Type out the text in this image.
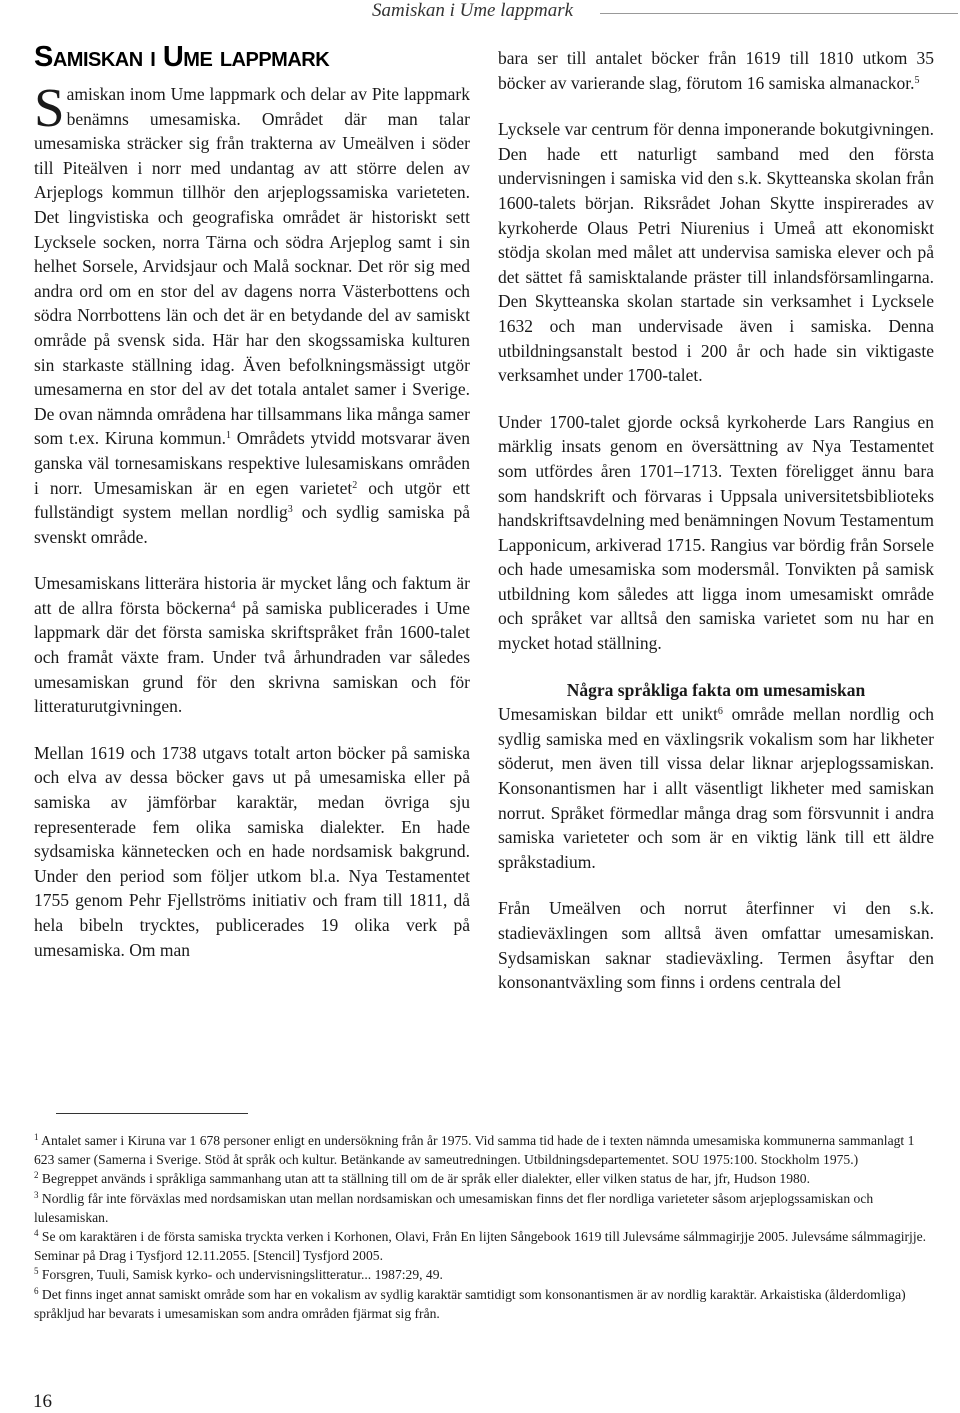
Samiskan i Ume lappmark
Samiskan i Ume lappmark

Samiskan inom Ume lappmark och delar av Pite lappmark benämns umesamiska. Området där man talar umesamiska sträcker sig från trakterna av Umeälven i söder till Piteälven i norr med undantag av att större delen av Arjeplogs kommun tillhör den arjeplogssamiska varieteten. Det lingvistiska och geografiska området är historiskt sett Lycksele socken, norra Tärna och södra Arjeplog samt i sin helhet Sorsele, Arvidsjaur och Malå socknar. Det rör sig med andra ord om en stor del av dagens norra Västerbottens och södra Norrbottens län och det är en betydande del av samiskt område på svensk sida. Här har den skogssamiska kulturen sin starkaste ställning idag. Även befolkningsmässigt utgör umesamerna en stor del av det totala antalet samer i Sverige. De ovan nämnda områdena har tillsammans lika många samer som t.ex. Kiruna kommun.$^1$ Områdets ytvidd motsvarar även ganska väl tornesamiskans respektive lulesamiskans områden i norr. Umesamiskan är en egen varietet$^2$ och utgör ett fullständigt system mellan nordlig$^3$ och sydlig samiska på svenskt område.

Umesamiskans litterära historia är mycket lång och faktum är att de allra första böckerna$^4$ på samiska publicerades i Ume lappmark där det första samiska skriftspråket från 1600-talet och framåt växte fram. Under två århundraden var således umesamiskan grund för den skrivna samiskan och för litteraturutgivningen.

Mellan 1619 och 1738 utgavs totalt arton böcker på samiska och elva av dessa böcker gavs ut på umesamiska eller på samiska av jämförbar karaktär, medan övriga sju representerade fem olika samiska dialekter. En hade sydsamiska kännetecken och en hade nordsamisk bakgrund. Under den period som följer utkom bl.a. Nya Testamentet 1755 genom Pehr Fjellströms initiativ och fram till 1811, då hela bibeln trycktes, publicerades 19 olika verk på umesamiska. Om man

bara ser till antalet böcker från 1619 till 1810 utkom 35 böcker av varierande slag, förutom 16 samiska almanackor.$^5$

Lycksele var centrum för denna imponerande bokutgivningen. Den hade ett naturligt samband med den första undervisningen i samiska vid den s.k. Skytteanska skolan från 1600-talets början. Riksrådet Johan Skytte inspirerades av kyrkoherde Olaus Petri Niurenius i Umeå att ekonomiskt stödja skolan med målet att undervisa samiska elever och på det sättet få samisktalande präster till inlandsförsamlingarna. Den Skytteanska skolan startade sin verksamhet i Lycksele 1632 och man undervisade även i samiska. Denna utbildningsanstalt bestod i 200 år och hade sin viktigaste verksamhet under 1700-talet.

Under 1700-talet gjorde också kyrkoherde Lars Rangius en märklig insats genom en översättning av Nya Testamentet som utfördes åren 1701–1713. Texten föreligget ännu bara som handskrift och förvaras i Uppsala universitetsbiblioteks handskriftsavdelning med benämningen Novum Testamentum Lapponicum, arkiverad 1715. Rangius var bördig från Sorsele och hade umesamiska som modersmål. Tonvikten på samisk utbildning kom således att ligga inom umesamiskt område och språket var alltså den samiska varietet som nu har en mycket hotad ställning.

Några språkliga fakta om umesamiskan

Umesamiskan bildar ett unikt$^6$ område mellan nordlig och sydlig samiska med en växlingsrik vokalism som har likheter söderut, men även till vissa delar liknar arjeplogssamiskan. Konsonantismen har i allt väsentligt likheter med samiskan norrut. Språket förmedlar många drag som försvunnit i andra samiska varieteter och som är en viktig länk till ett äldre språkstadium.

Från Umeälven och norrut återfinner vi den s.k. stadieväxlingen som alltså även omfattar umesamiskan. Sydsamiskan saknar stadieväxling. Termen åsyftar den konsonantväxling som finns i ordens centrala del

$^1$ Antalet samer i Kiruna var 1 678 personer enligt en undersökning från år 1975. Vid samma tid hade de i texten nämnda umesamiska kommunerna sammanlagt 1 623 samer (Samerna i Sverige. Stöd åt språk och kultur. Betänkande av sameutredningen. Utbildningsdepartementet. SOU 1975:100. Stockholm 1975.)

$^2$ Begreppet används i språkliga sammanhang utan att ta ställning till om de är språk eller dialekter, eller vilken status de har, jfr, Hudson 1980.

$^3$ Nordlig får inte förväxlas med nordsamiskan utan mellan nordsamiskan och umesamiskan finns det fler nordliga varieteter såsom arjeplogssamiskan och lulesamiskan.

$^4$ Se om karaktären i de första samiska tryckta verken i Korhonen, Olavi, Från En lijten Sångebook 1619 till Julevsáme sálmmagirjje 2005. Julevsáme sálmmagirjje. Seminar på Drag i Tysfjord 12.11.2055. [Stencil] Tysfjord 2005.

$^5$ Forsgren, Tuuli, Samisk kyrko- och undervisningslitteratur... 1987:29, 49.

$^6$ Det finns inget annat samiskt område som har en vokalism av sydlig karaktär samtidigt som konsonantismen är av nordlig karaktär. Arkaistiska (ålderdomliga) språkljud har bevarats i umesamiskan som andra områden fjärmat sig från.

16
